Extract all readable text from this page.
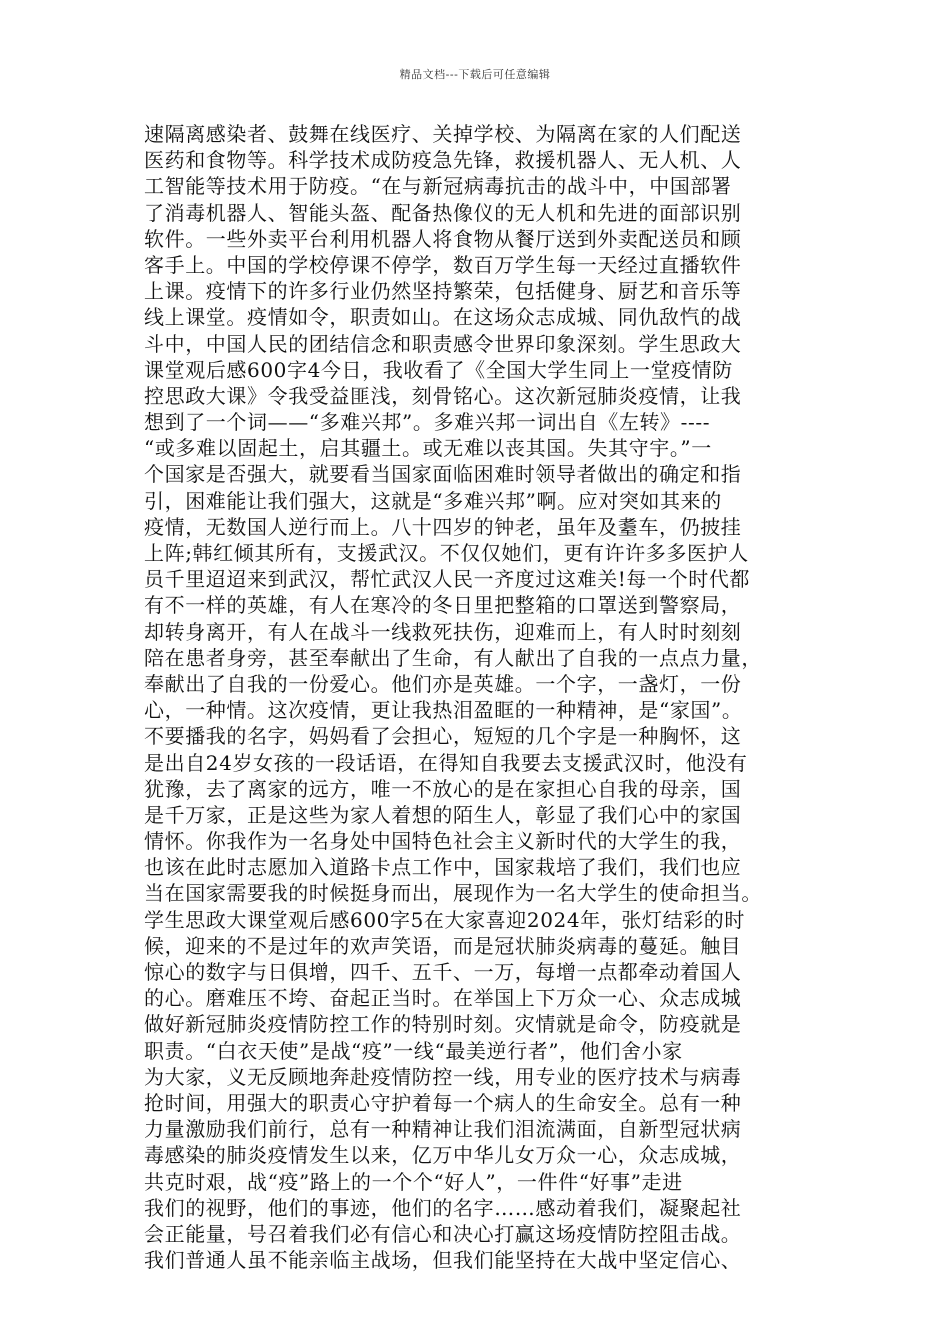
精品文档---下载后可任意编辑
速隔离感染者、鼓舞在线医疗、关掉学校、为隔离在家的人们配送
医药和食物等。科学技术成防疫急先锋，救援机器人、无人机、人
工智能等技术用于防疫。“在与新冠病毒抗击的战斗中，中国部署
了消毒机器人、智能头盔、配备热像仪的无人机和先进的面部识别
软件。一些外卖平台利用机器人将食物从餐厅送到外卖配送员和顾
客手上。中国的学校停课不停学，数百万学生每一天经过直播软件
上课。疫情下的许多行业仍然坚持繁荣，包括健身、厨艺和音乐等
线上课堂。疫情如令，职责如山。在这场众志成城、同仇敌忾的战
斗中，中国人民的团结信念和职责感令世界印象深刻。学生思政大
课堂观后感600字4今日，我收看了《全国大学生同上一堂疫情防
控思政大课》令我受益匪浅，刻骨铭心。这次新冠肺炎疫情，让我
想到了一个词——“多难兴邦”。多难兴邦一词出自《左转》----
“或多难以固起土，启其疆土。或无难以丧其国。失其守宇。”一
个国家是否强大，就要看当国家面临困难时领导者做出的确定和指
引，困难能让我们强大，这就是“多难兴邦”啊。应对突如其来的
疫情，无数国人逆行而上。八十四岁的钟老，虽年及耋车，仍披挂
上阵;韩红倾其所有，支援武汉。不仅仅她们，更有许许多多医护人
员千里迢迢来到武汉，帮忙武汉人民一齐度过这难关!每一个时代都
有不一样的英雄，有人在寒冷的冬日里把整箱的口罩送到警察局，
却转身离开，有人在战斗一线救死扶伤，迎难而上，有人时时刻刻
陪在患者身旁，甚至奉献出了生命，有人献出了自我的一点点力量，
奉献出了自我的一份爱心。他们亦是英雄。一个字，一盏灯，一份
心，一种情。这次疫情，更让我热泪盈眶的一种精神，是“家国”。
不要播我的名字，妈妈看了会担心，短短的几个字是一种胸怀，这
是出自24岁女孩的一段话语，在得知自我要去支援武汉时，他没有
犹豫，去了离家的远方，唯一不放心的是在家担心自我的母亲，国
是千万家，正是这些为家人着想的陌生人，彰显了我们心中的家国
情怀。你我作为一名身处中国特色社会主义新时代的大学生的我，
也该在此时志愿加入道路卡点工作中，国家栽培了我们，我们也应
当在国家需要我的时候挺身而出，展现作为一名大学生的使命担当。
学生思政大课堂观后感600字5在大家喜迎2024年，张灯结彩的时
候，迎来的不是过年的欢声笑语，而是冠状肺炎病毒的蔓延。触目
惊心的数字与日俱增，四千、五千、一万，每增一点都牵动着国人
的心。磨难压不垮、奋起正当时。在举国上下万众一心、众志成城
做好新冠肺炎疫情防控工作的特别时刻。灾情就是命令，防疫就是
职责。“白衣天使”是战“疫”一线“最美逆行者”，他们舍小家
为大家，义无反顾地奔赴疫情防控一线，用专业的医疗技术与病毒
抢时间，用强大的职责心守护着每一个病人的生命安全。总有一种
力量激励我们前行，总有一种精神让我们泪流满面，自新型冠状病
毒感染的肺炎疫情发生以来，亿万中华儿女万众一心，众志成城，
共克时艰，战“疫”路上的一个个“好人”，一件件“好事”走进
我们的视野，他们的事迹，他们的名字……感动着我们，凝聚起社
会正能量，号召着我们必有信心和决心打赢这场疫情防控阻击战。
我们普通人虽不能亲临主战场，但我们能坚持在大战中坚定信心、
